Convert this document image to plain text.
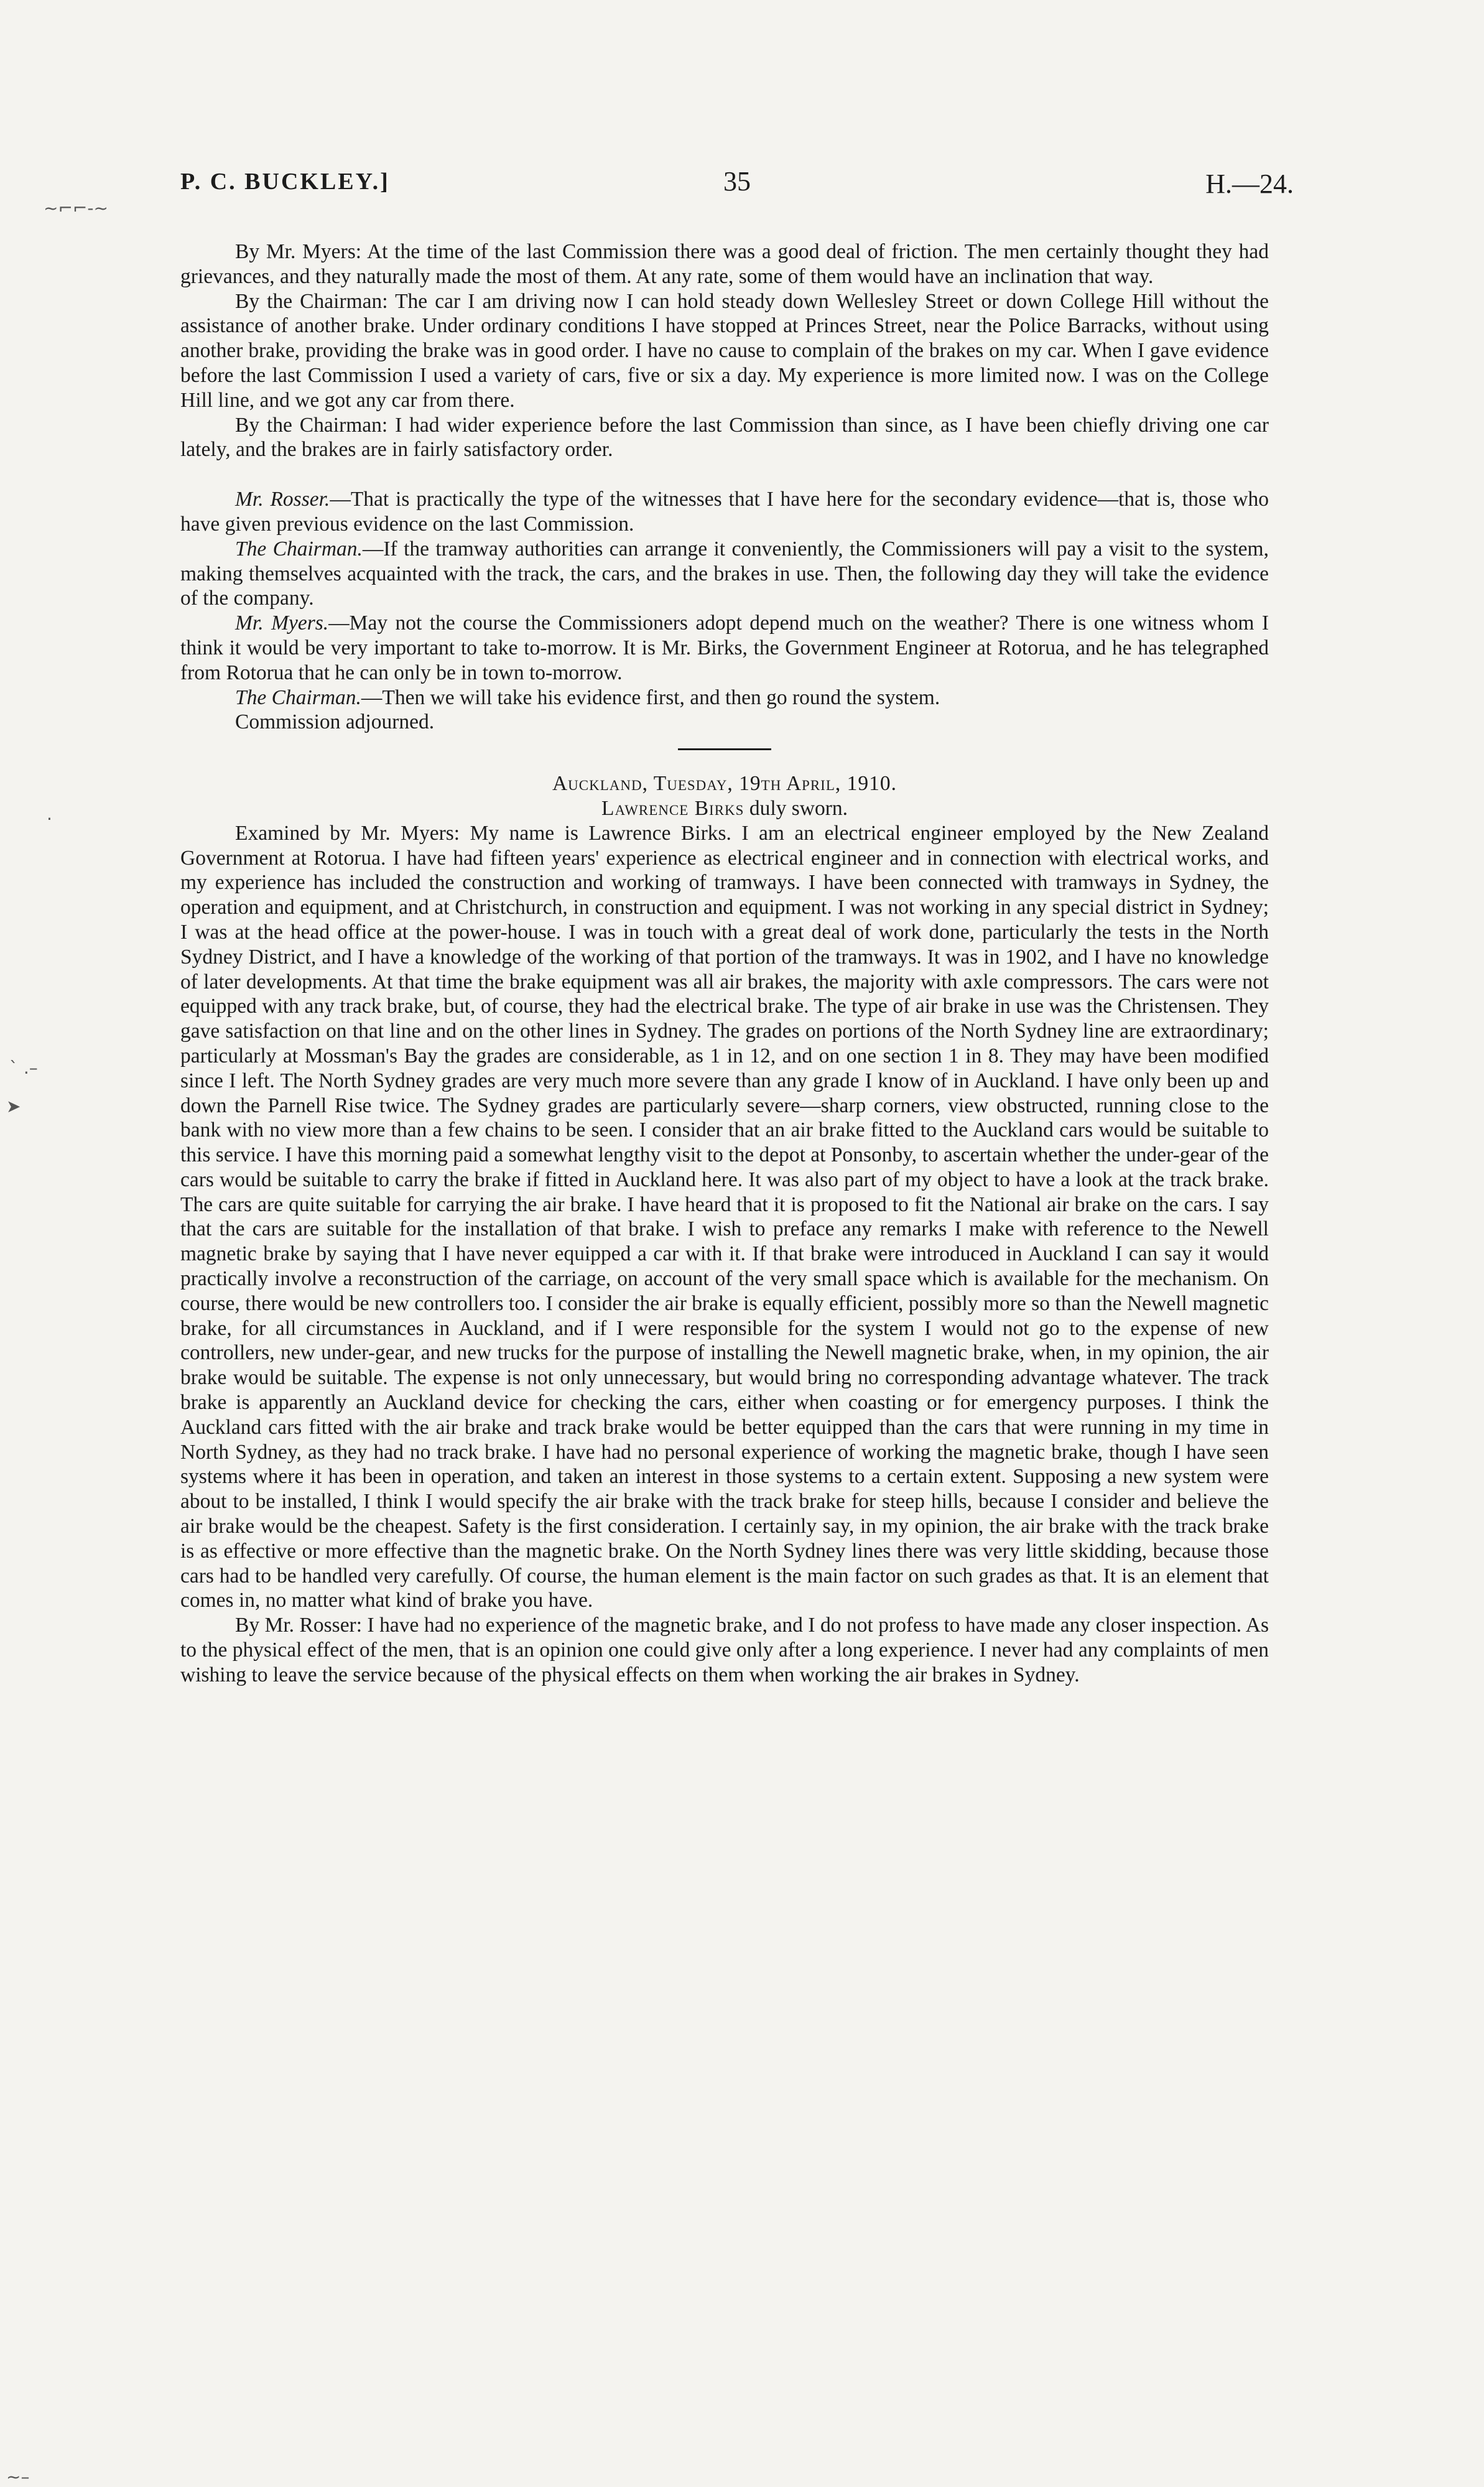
P. C. BUCKLEY.]	35	H.—24.
~⌐⌐-~
·
ˋ .–
➤
~–

By Mr. Myers: At the time of the last Commission there was a good deal of friction. The men certainly thought they had grievances, and they naturally made the most of them. At any rate, some of them would have an inclination that way.

By the Chairman: The car I am driving now I can hold steady down Wellesley Street or down College Hill without the assistance of another brake. Under ordinary conditions I have stopped at Princes Street, near the Police Barracks, without using another brake, providing the brake was in good order. I have no cause to complain of the brakes on my car. When I gave evidence before the last Commission I used a variety of cars, five or six a day. My experience is more limited now. I was on the College Hill line, and we got any car from there.

By the Chairman: I had wider experience before the last Commission than since, as I have been chiefly driving one car lately, and the brakes are in fairly satisfactory order.

Mr. Rosser.—That is practically the type of the witnesses that I have here for the secondary evidence—that is, those who have given previous evidence on the last Commission.

The Chairman.—If the tramway authorities can arrange it conveniently, the Commissioners will pay a visit to the system, making themselves acquainted with the track, the cars, and the brakes in use. Then, the following day they will take the evidence of the company.

Mr. Myers.—May not the course the Commissioners adopt depend much on the weather? There is one witness whom I think it would be very important to take to-morrow. It is Mr. Birks, the Government Engineer at Rotorua, and he has telegraphed from Rotorua that he can only be in town to-morrow.

The Chairman.—Then we will take his evidence first, and then go round the system.

Commission adjourned.

Auckland, Tuesday, 19th April, 1910.

Lawrence Birks duly sworn.

Examined by Mr. Myers: My name is Lawrence Birks. I am an electrical engineer employed by the New Zealand Government at Rotorua. I have had fifteen years' experience as electrical engineer and in connection with electrical works, and my experience has included the construction and working of tramways. I have been connected with tramways in Sydney, the operation and equipment, and at Christchurch, in construction and equipment. I was not working in any special district in Sydney; I was at the head office at the power-house. I was in touch with a great deal of work done, particularly the tests in the North Sydney District, and I have a knowledge of the working of that portion of the tramways. It was in 1902, and I have no knowledge of later developments. At that time the brake equipment was all air brakes, the majority with axle compressors. The cars were not equipped with any track brake, but, of course, they had the electrical brake. The type of air brake in use was the Christensen. They gave satisfaction on that line and on the other lines in Sydney. The grades on portions of the North Sydney line are extraordinary; particularly at Mossman's Bay the grades are considerable, as 1 in 12, and on one section 1 in 8. They may have been modified since I left. The North Sydney grades are very much more severe than any grade I know of in Auckland. I have only been up and down the Parnell Rise twice. The Sydney grades are particularly severe—sharp corners, view obstructed, running close to the bank with no view more than a few chains to be seen. I consider that an air brake fitted to the Auckland cars would be suitable to this service. I have this morning paid a somewhat lengthy visit to the depot at Ponsonby, to ascertain whether the under-gear of the cars would be suitable to carry the brake if fitted in Auckland here. It was also part of my object to have a look at the track brake. The cars are quite suitable for carrying the air brake. I have heard that it is proposed to fit the National air brake on the cars. I say that the cars are suitable for the installation of that brake. I wish to preface any remarks I make with reference to the Newell magnetic brake by saying that I have never equipped a car with it. If that brake were introduced in Auckland I can say it would practically involve a reconstruction of the carriage, on account of the very small space which is available for the mechanism. On course, there would be new controllers too. I consider the air brake is equally efficient, possibly more so than the Newell magnetic brake, for all circumstances in Auckland, and if I were responsible for the system I would not go to the expense of new controllers, new under-gear, and new trucks for the purpose of installing the Newell magnetic brake, when, in my opinion, the air brake would be suitable. The expense is not only unnecessary, but would bring no corresponding advantage whatever. The track brake is apparently an Auckland device for checking the cars, either when coasting or for emergency purposes. I think the Auckland cars fitted with the air brake and track brake would be better equipped than the cars that were running in my time in North Sydney, as they had no track brake. I have had no personal experience of working the magnetic brake, though I have seen systems where it has been in operation, and taken an interest in those systems to a certain extent. Supposing a new system were about to be installed, I think I would specify the air brake with the track brake for steep hills, because I consider and believe the air brake would be the cheapest. Safety is the first consideration. I certainly say, in my opinion, the air brake with the track brake is as effective or more effective than the magnetic brake. On the North Sydney lines there was very little skidding, because those cars had to be handled very carefully. Of course, the human element is the main factor on such grades as that. It is an element that comes in, no matter what kind of brake you have.

By Mr. Rosser: I have had no experience of the magnetic brake, and I do not profess to have made any closer inspection. As to the physical effect of the men, that is an opinion one could give only after a long experience. I never had any complaints of men wishing to leave the service because of the physical effects on them when working the air brakes in Sydney.
